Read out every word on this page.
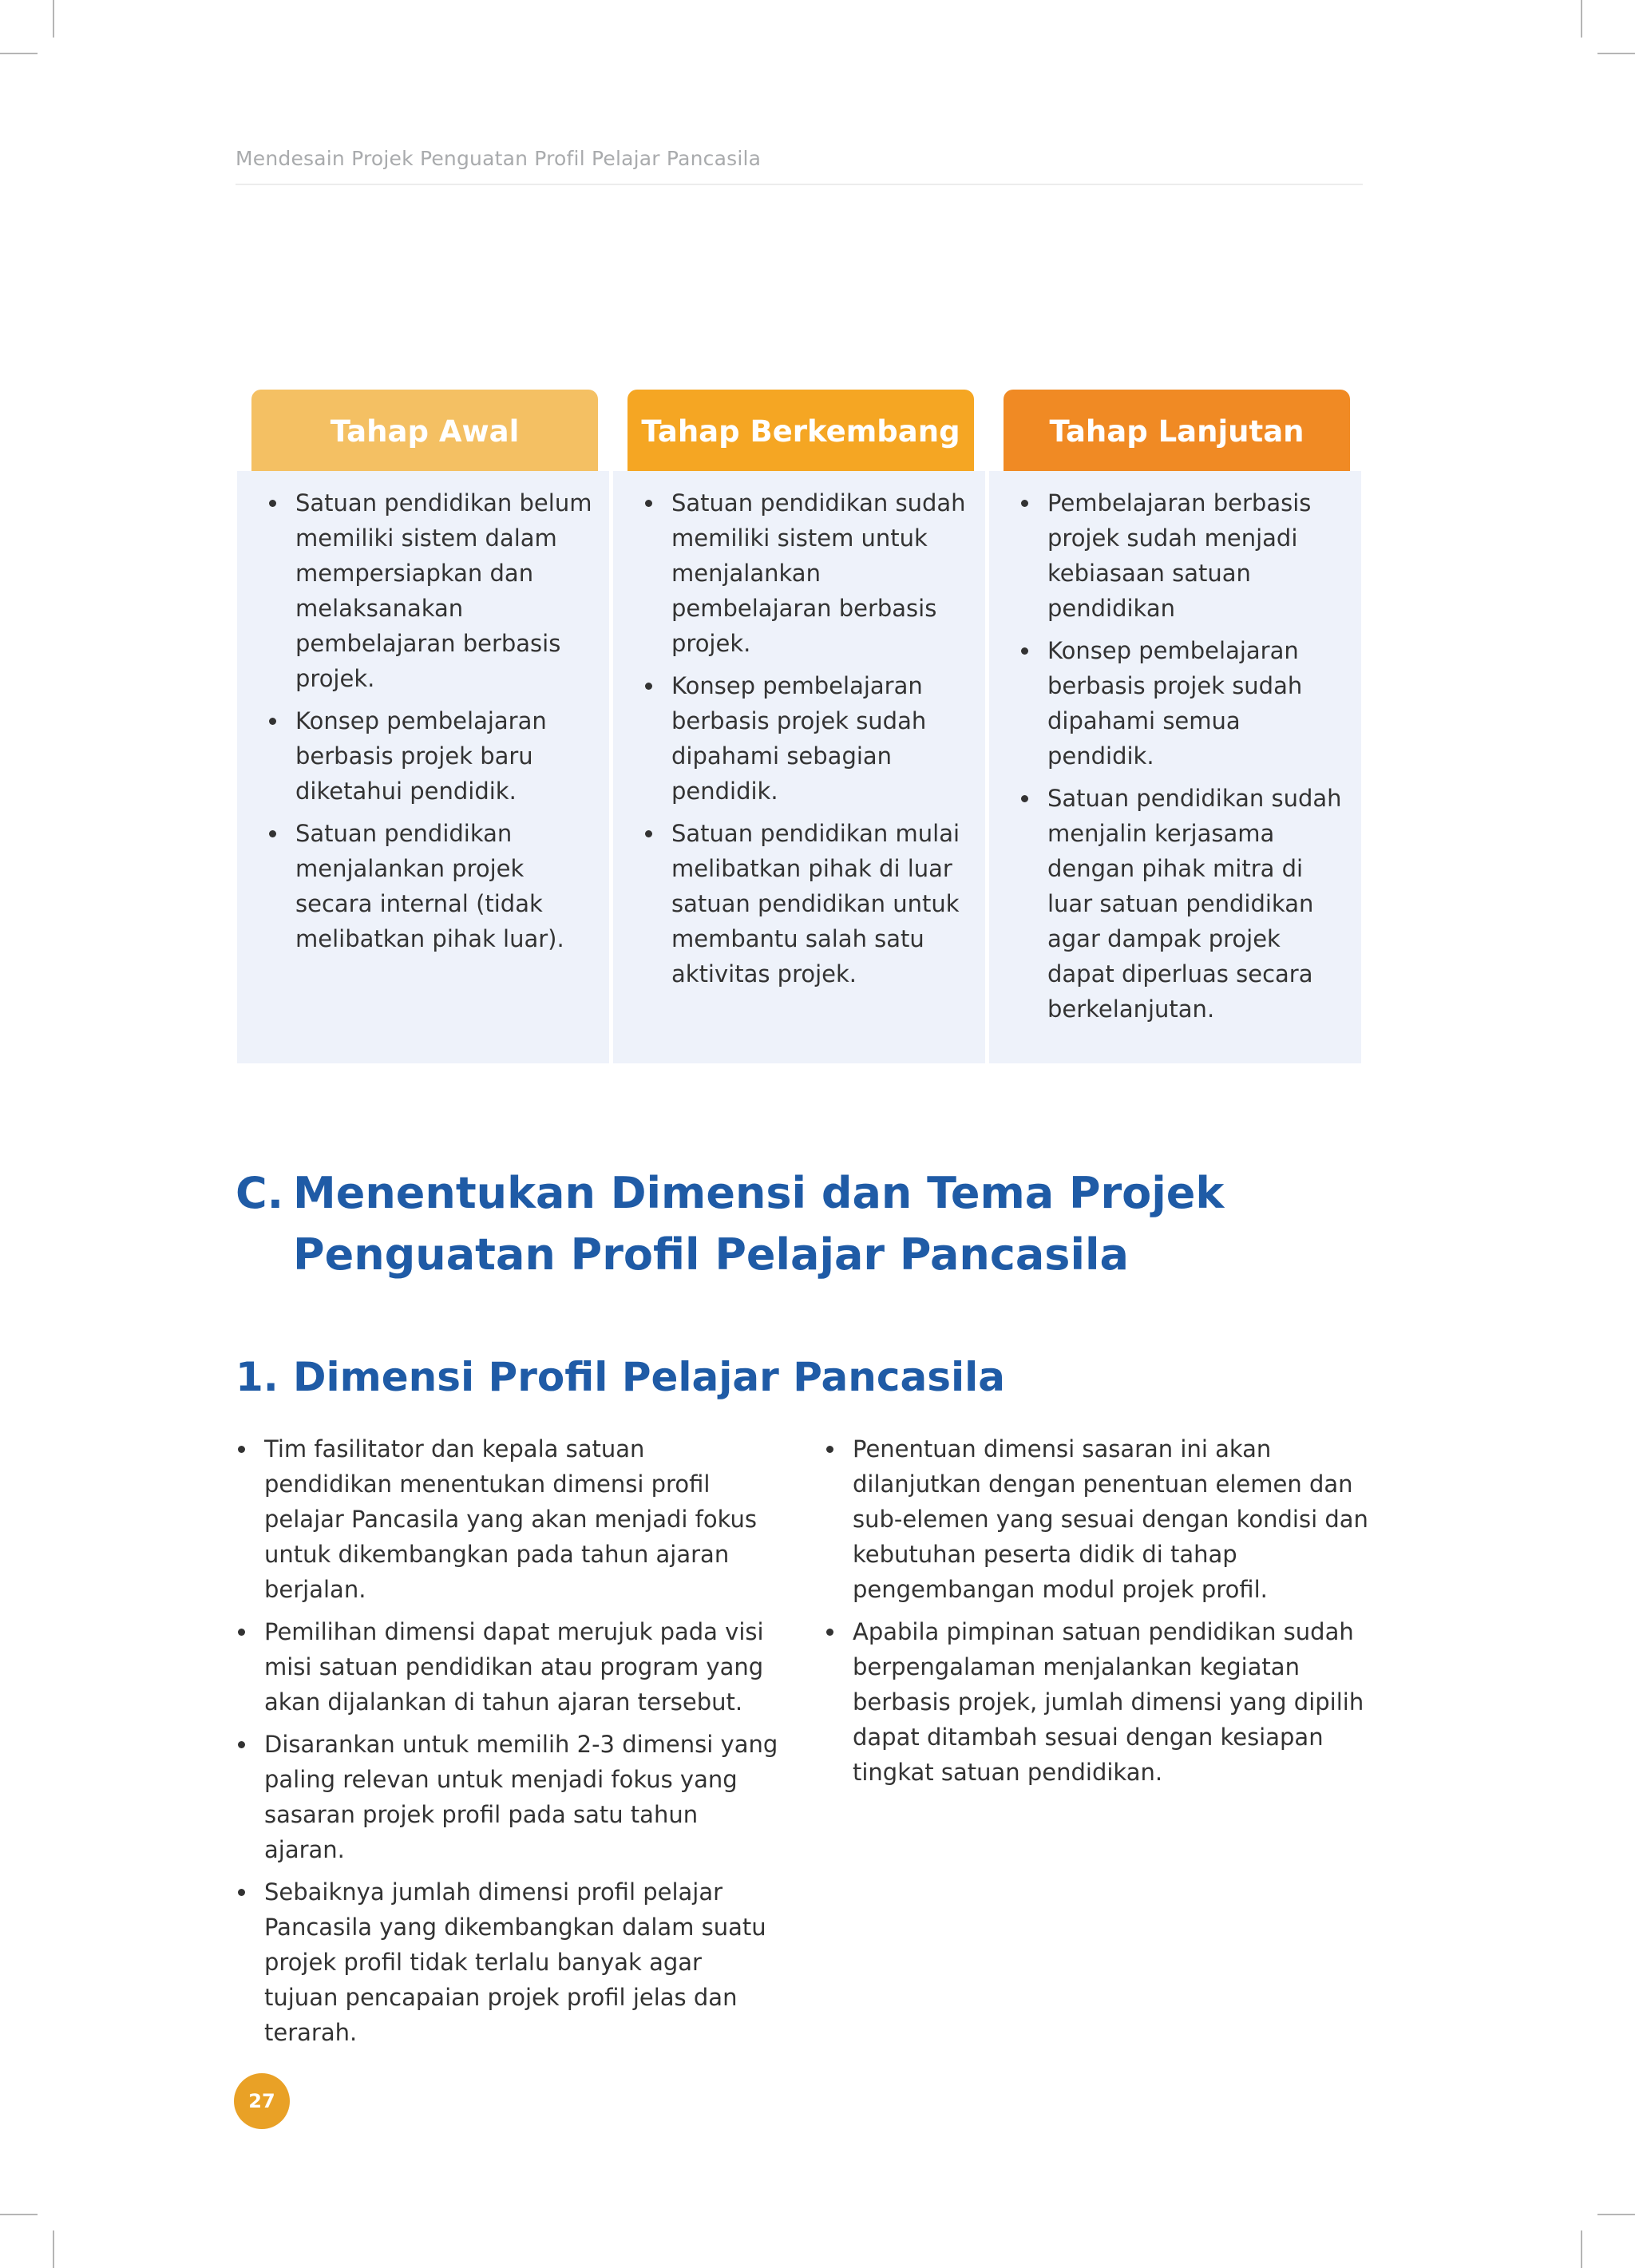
Mendesain Projek Penguatan Profil Pelajar Pancasila
Tahap Awal
Satuan pendidikan belum memiliki sistem dalam mempersiapkan dan melaksanakan pembelajaran berbasis projek.
Konsep pembelajaran berbasis projek baru diketahui pendidik.
Satuan pendidikan menjalankan projek secara internal (tidak melibatkan pihak luar).
Tahap Berkembang
Satuan pendidikan sudah memiliki sistem untuk menjalankan pembelajaran berbasis projek.
Konsep pembelajaran berbasis projek sudah dipahami sebagian pendidik.
Satuan pendidikan mulai melibatkan pihak di luar satuan pendidikan untuk membantu salah satu aktivitas projek.
Tahap Lanjutan
Pembelajaran berbasis projek sudah menjadi kebiasaan satuan pendidikan
Konsep pembelajaran berbasis projek sudah dipahami semua pendidik.
Satuan pendidikan sudah menjalin kerjasama dengan pihak mitra di luar satuan pendidikan agar dampak projek dapat diperluas secara berkelanjutan.
C. Menentukan Dimensi dan Tema Projek Penguatan Profil Pelajar Pancasila
1. Dimensi Profil Pelajar Pancasila
Tim fasilitator dan kepala satuan pendidikan menentukan dimensi profil pelajar Pancasila yang akan menjadi fokus untuk dikembangkan pada tahun ajaran berjalan.
Pemilihan dimensi dapat merujuk pada visi misi satuan pendidikan atau program yang akan dijalankan di tahun ajaran tersebut.
Disarankan untuk memilih 2-3 dimensi yang paling relevan untuk menjadi fokus yang sasaran projek profil pada satu tahun ajaran.
Sebaiknya jumlah dimensi profil pelajar Pancasila yang dikembangkan dalam suatu projek profil tidak terlalu banyak agar tujuan pencapaian projek profil jelas dan terarah.
Penentuan dimensi sasaran ini akan dilanjutkan dengan penentuan elemen dan sub-elemen yang sesuai dengan kondisi dan kebutuhan peserta didik di tahap pengembangan modul projek profil.
Apabila pimpinan satuan pendidikan sudah berpengalaman menjalankan kegiatan berbasis projek, jumlah dimensi yang dipilih dapat ditambah sesuai dengan kesiapan tingkat satuan pendidikan.
27
